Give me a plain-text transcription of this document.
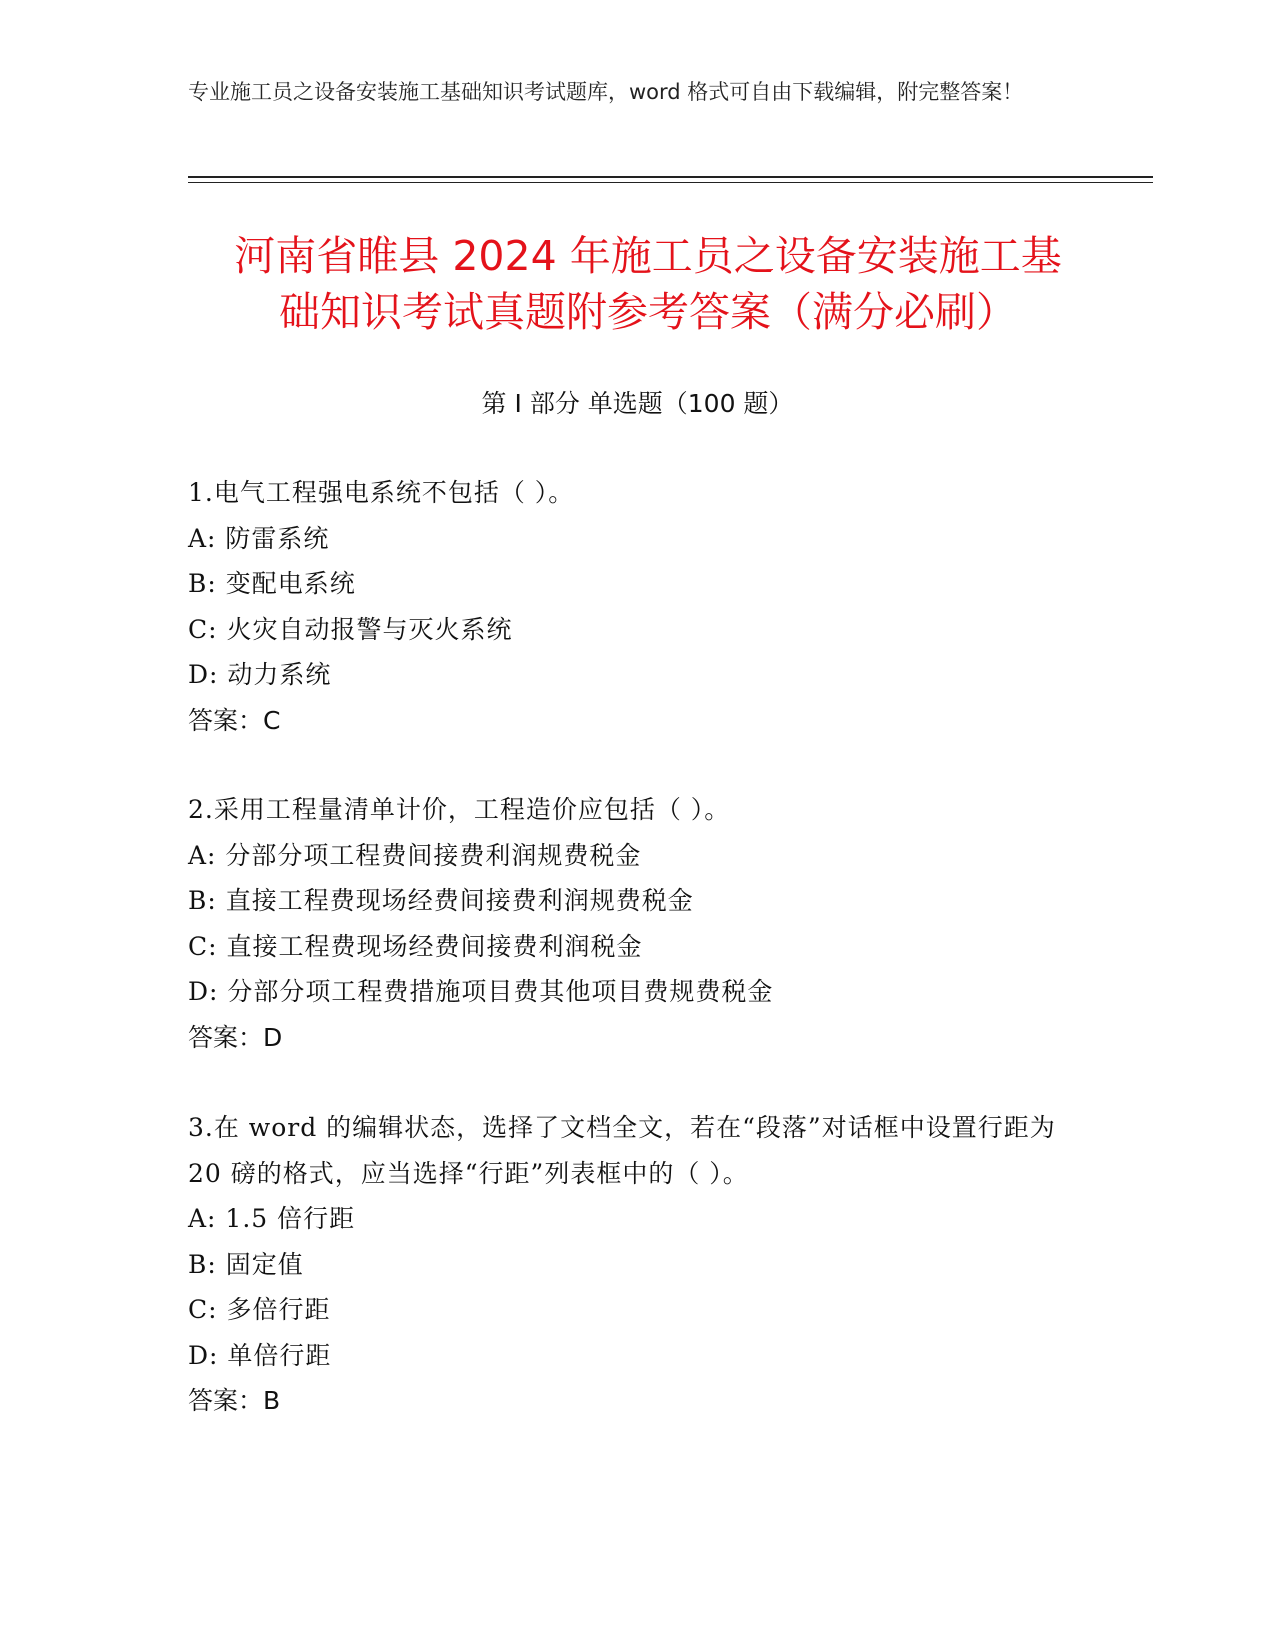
专业施工员之设备安装施工基础知识考试题库，word 格式可自由下载编辑，附完整答案！
河南省睢县 2024 年施工员之设备安装施工基
础知识考试真题附参考答案（满分必刷）
第 I 部分 单选题（100 题）
1.电气工程强电系统不包括（ ）。
A: 防雷系统
B: 变配电系统
C: 火灾自动报警与灭火系统
D: 动力系统
答案：C
2.采用工程量清单计价，工程造价应包括（ ）。
A: 分部分项工程费间接费利润规费税金
B: 直接工程费现场经费间接费利润规费税金
C: 直接工程费现场经费间接费利润税金
D: 分部分项工程费措施项目费其他项目费规费税金
答案：D
3.在 word 的编辑状态，选择了文档全文，若在“段落”对话框中设置行距为 20 磅的格式，应当选择“行距”列表框中的（ ）。
A: 1.5 倍行距
B: 固定值
C: 多倍行距
D: 单倍行距
答案：B
